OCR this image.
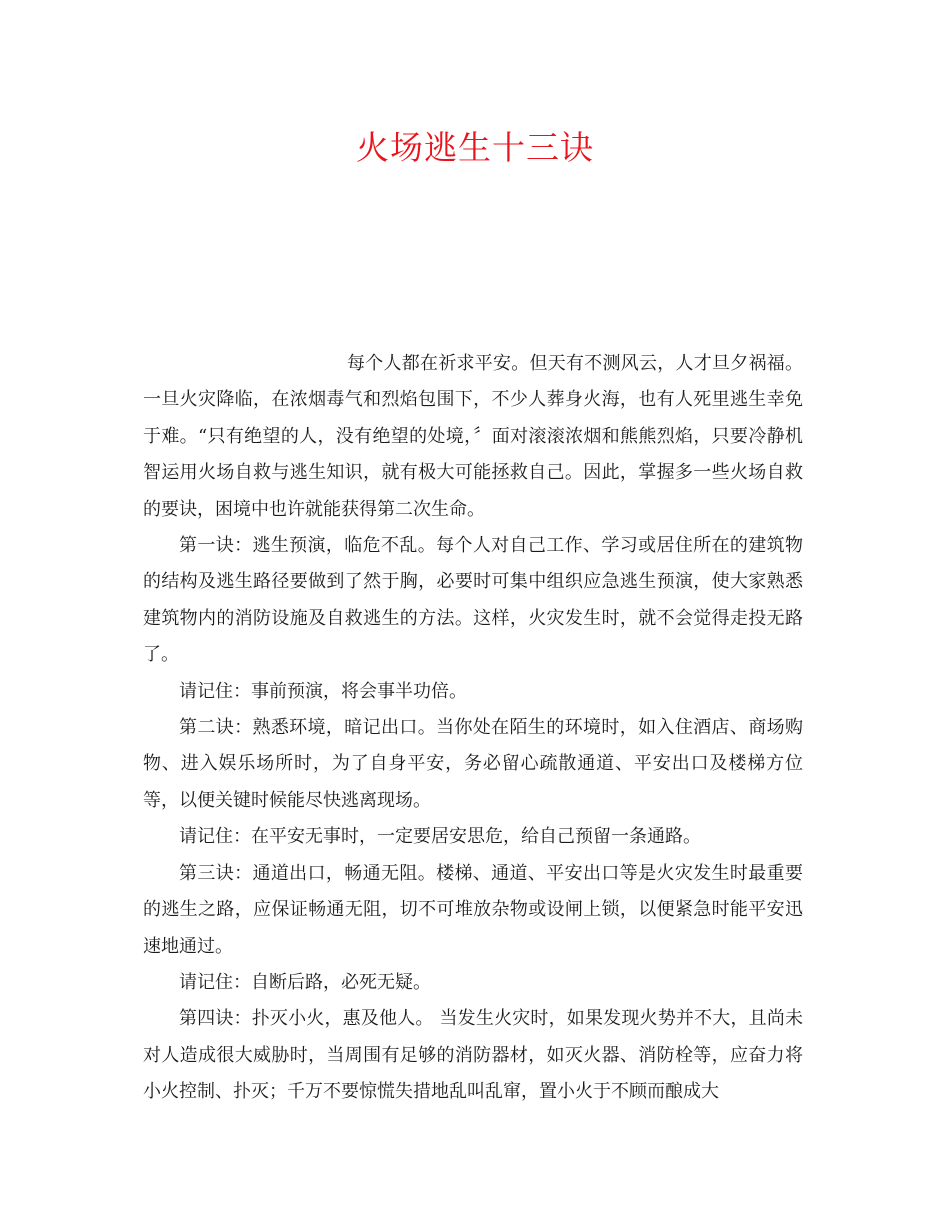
火场逃生十三诀

每个人都在祈求平安。但天有不测风云，人才旦夕祸福。一旦火灾降临，在浓烟毒气和烈焰包围下，不少人葬身火海，也有人死里逃生幸免于难。“只有绝望的人，没有绝望的处境，〞面对滚滚浓烟和熊熊烈焰，只要冷静机智运用火场自救与逃生知识，就有极大可能拯救自己。因此，掌握多一些火场自救的要诀，困境中也许就能获得第二次生命。

第一诀：逃生预演，临危不乱。每个人对自己工作、学习或居住所在的建筑物的结构及逃生路径要做到了然于胸，必要时可集中组织应急逃生预演，使大家熟悉建筑物内的消防设施及自救逃生的方法。这样，火灾发生时，就不会觉得走投无路了。

请记住：事前预演，将会事半功倍。

第二诀：熟悉环境，暗记出口。当你处在陌生的环境时，如入住酒店、商场购物、进入娱乐场所时，为了自身平安，务必留心疏散通道、平安出口及楼梯方位等，以便关键时候能尽快逃离现场。

请记住：在平安无事时，一定要居安思危，给自己预留一条通路。

第三诀：通道出口，畅通无阻。楼梯、通道、平安出口等是火灾发生时最重要的逃生之路，应保证畅通无阻，切不可堆放杂物或设闸上锁，以便紧急时能平安迅速地通过。

请记住：自断后路，必死无疑。

第四诀：扑灭小火，惠及他人。 当发生火灾时，如果发现火势并不大，且尚未对人造成很大威胁时，当周围有足够的消防器材，如灭火器、消防栓等，应奋力将小火控制、扑灭；千万不要惊慌失措地乱叫乱窜，置小火于不顾而酿成大
